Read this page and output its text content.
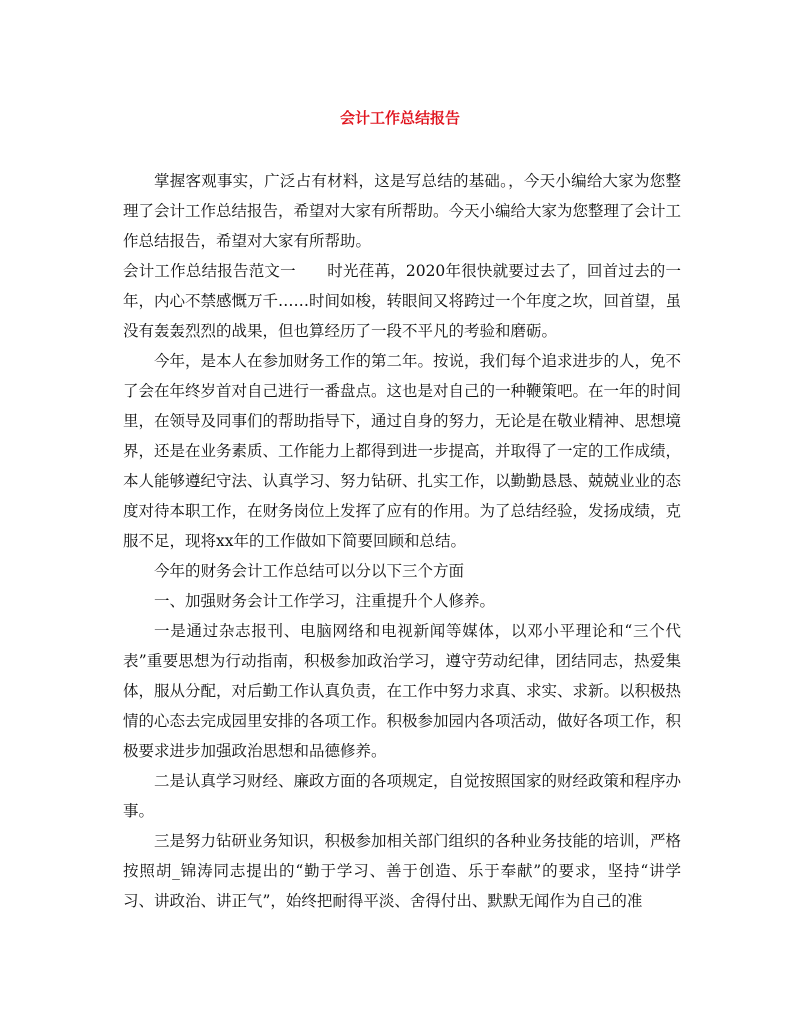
会计工作总结报告

掌握客观事实，广泛占有材料，这是写总结的基础。，今天小编给大家为您整理了会计工作总结报告，希望对大家有所帮助。今天小编给大家为您整理了会计工作总结报告，希望对大家有所帮助。

会计工作总结报告范文一　　时光荏苒，2020年很快就要过去了，回首过去的一年，内心不禁感慨万千……时间如梭，转眼间又将跨过一个年度之坎，回首望，虽没有轰轰烈烈的战果，但也算经历了一段不平凡的考验和磨砺。

今年，是本人在参加财务工作的第二年。按说，我们每个追求进步的人，免不了会在年终岁首对自己进行一番盘点。这也是对自己的一种鞭策吧。在一年的时间里，在领导及同事们的帮助指导下，通过自身的努力，无论是在敬业精神、思想境界，还是在业务素质、工作能力上都得到进一步提高，并取得了一定的工作成绩，本人能够遵纪守法、认真学习、努力钻研、扎实工作，以勤勤恳恳、兢兢业业的态度对待本职工作，在财务岗位上发挥了应有的作用。为了总结经验，发扬成绩，克服不足，现将xx年的工作做如下简要回顾和总结。

今年的财务会计工作总结可以分以下三个方面

一、加强财务会计工作学习，注重提升个人修养。

一是通过杂志报刊、电脑网络和电视新闻等媒体，以邓小平理论和“三个代表”重要思想为行动指南，积极参加政治学习，遵守劳动纪律，团结同志，热爱集体，服从分配，对后勤工作认真负责，在工作中努力求真、求实、求新。以积极热情的心态去完成园里安排的各项工作。积极参加园内各项活动，做好各项工作，积极要求进步加强政治思想和品德修养。

二是认真学习财经、廉政方面的各项规定，自觉按照国家的财经政策和程序办事。

三是努力钻研业务知识，积极参加相关部门组织的各种业务技能的培训，严格按照胡_锦涛同志提出的“勤于学习、善于创造、乐于奉献”的要求，坚持“讲学习、讲政治、讲正气”，始终把耐得平淡、舍得付出、默默无闻作为自己的准
